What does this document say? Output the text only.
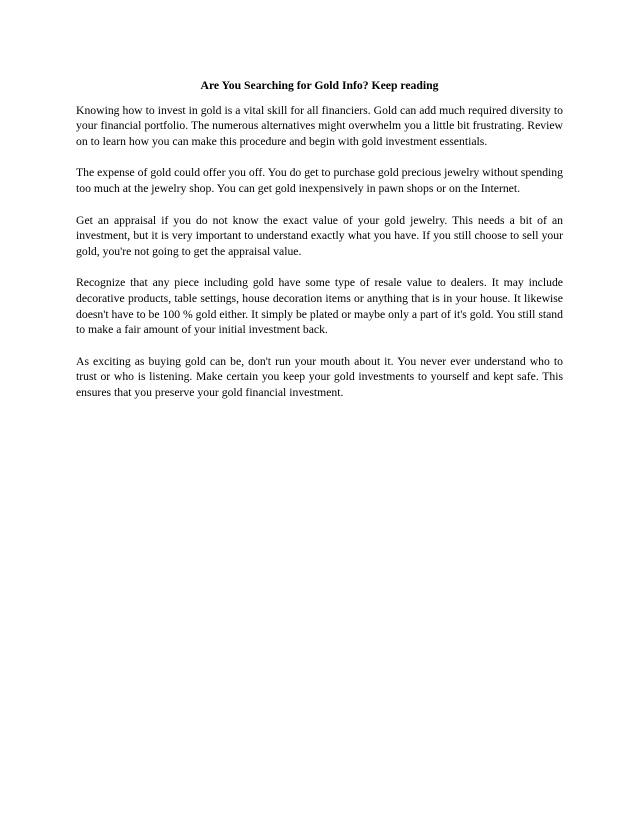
Are You Searching for Gold Info? Keep reading

Knowing how to invest in gold is a vital skill for all financiers. Gold can add much required diversity to your financial portfolio. The numerous alternatives might overwhelm you a little bit frustrating. Review on to learn how you can make this procedure and begin with gold investment essentials.

The expense of gold could offer you off. You do get to purchase gold precious jewelry without spending too much at the jewelry shop. You can get gold inexpensively in pawn shops or on the Internet.

Get an appraisal if you do not know the exact value of your gold jewelry. This needs a bit of an investment, but it is very important to understand exactly what you have. If you still choose to sell your gold, you're not going to get the appraisal value.

Recognize that any piece including gold have some type of resale value to dealers. It may include decorative products, table settings, house decoration items or anything that is in your house. It likewise doesn't have to be 100 % gold either. It simply be plated or maybe only a part of it's gold. You still stand to make a fair amount of your initial investment back.

As exciting as buying gold can be, don't run your mouth about it. You never ever understand who to trust or who is listening. Make certain you keep your gold investments to yourself and kept safe. This ensures that you preserve your gold financial investment.
